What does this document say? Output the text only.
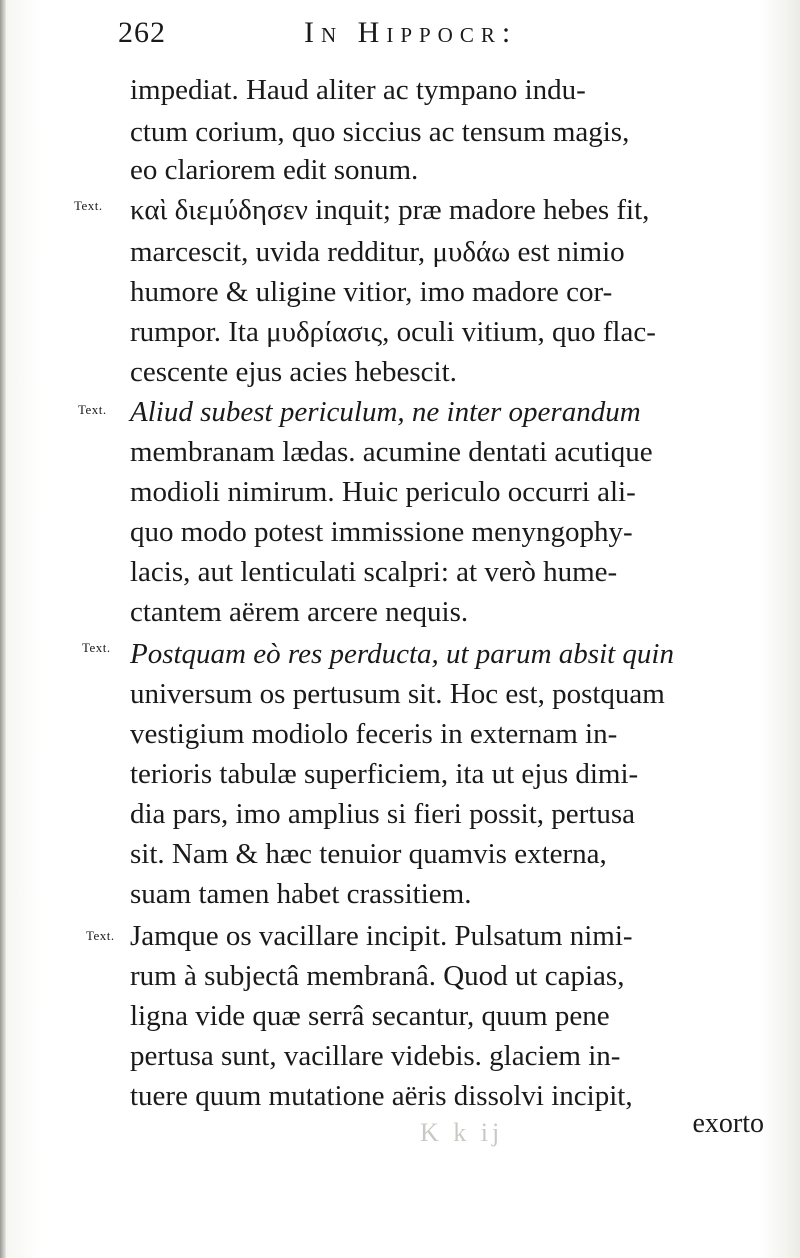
262	In Hippocr:
Text.
Text.
Text.
Text.
impediat. Haud aliter ac tympano indu-
ctum corium, quo siccius ac tensum magis,
eo clariorem edit sonum.
καὶ διεμύδησεν inquit; præ madore hebes fit,
marcescit, uvida redditur, μυδάω est nimio
humore & uligine vitior, imo madore cor-
rumpor. Ita μυδρίασις, oculi vitium, quo flac-
cescente ejus acies hebescit.
Aliud subest periculum, ne inter operandum
membranam lædas. acumine dentati acutique
modioli nimirum. Huic periculo occurri ali-
quo modo potest immissione menyngophy-
lacis, aut lenticulati scalpri: at verò hume-
ctantem aërem arcere nequis.
Postquam eò res perducta, ut parum absit quin
universum os pertusum sit. Hoc est, postquam
vestigium modiolo feceris in externam in-
terioris tabulæ superficiem, ita ut ejus dimi-
dia pars, imo amplius si fieri possit, pertusa
sit. Nam & hæc tenuior quamvis externa,
suam tamen habet crassitiem.
Jamque os vacillare incipit. Pulsatum nimi-
rum à subjectâ membranâ. Quod ut capias,
ligna vide quæ serrâ secantur, quum pene
pertusa sunt, vacillare videbis. glaciem in-
tuere quum mutatione aëris dissolvi incipit,
K k ij	exorto
